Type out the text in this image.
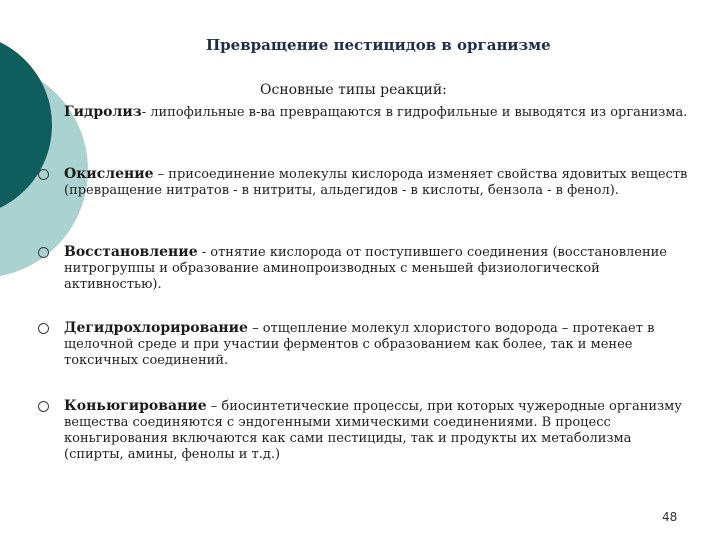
Превращение пестицидов в организме
Основные типы реакций:
Гидролиз- липофильные в-ва превращаются в гидрофильные и выводятся из организма.
Окисление – присоединение молекулы кислорода изменяет свойства ядовитых веществ (превращение нитратов - в нитриты, альдегидов - в кислоты, бензола - в фенол).
Восстановление - отнятие кислорода от поступившего соединения (восстановление нитрогруппы и образование аминопроизводных с меньшей физиологической активностью).
Дегидрохлорирование – отщепление молекул хлористого водорода – протекает в щелочной среде и при участии ферментов с образованием как более, так и менее токсичных соединений.
Коньюгирование – биосинтетические процессы, при которых чужеродные организму вещества соединяются с эндогенными химическими соединениями. В процесс коньгирования включаются как сами пестициды, так и продукты их метаболизма (спирты, амины, фенолы и т.д.)
48
